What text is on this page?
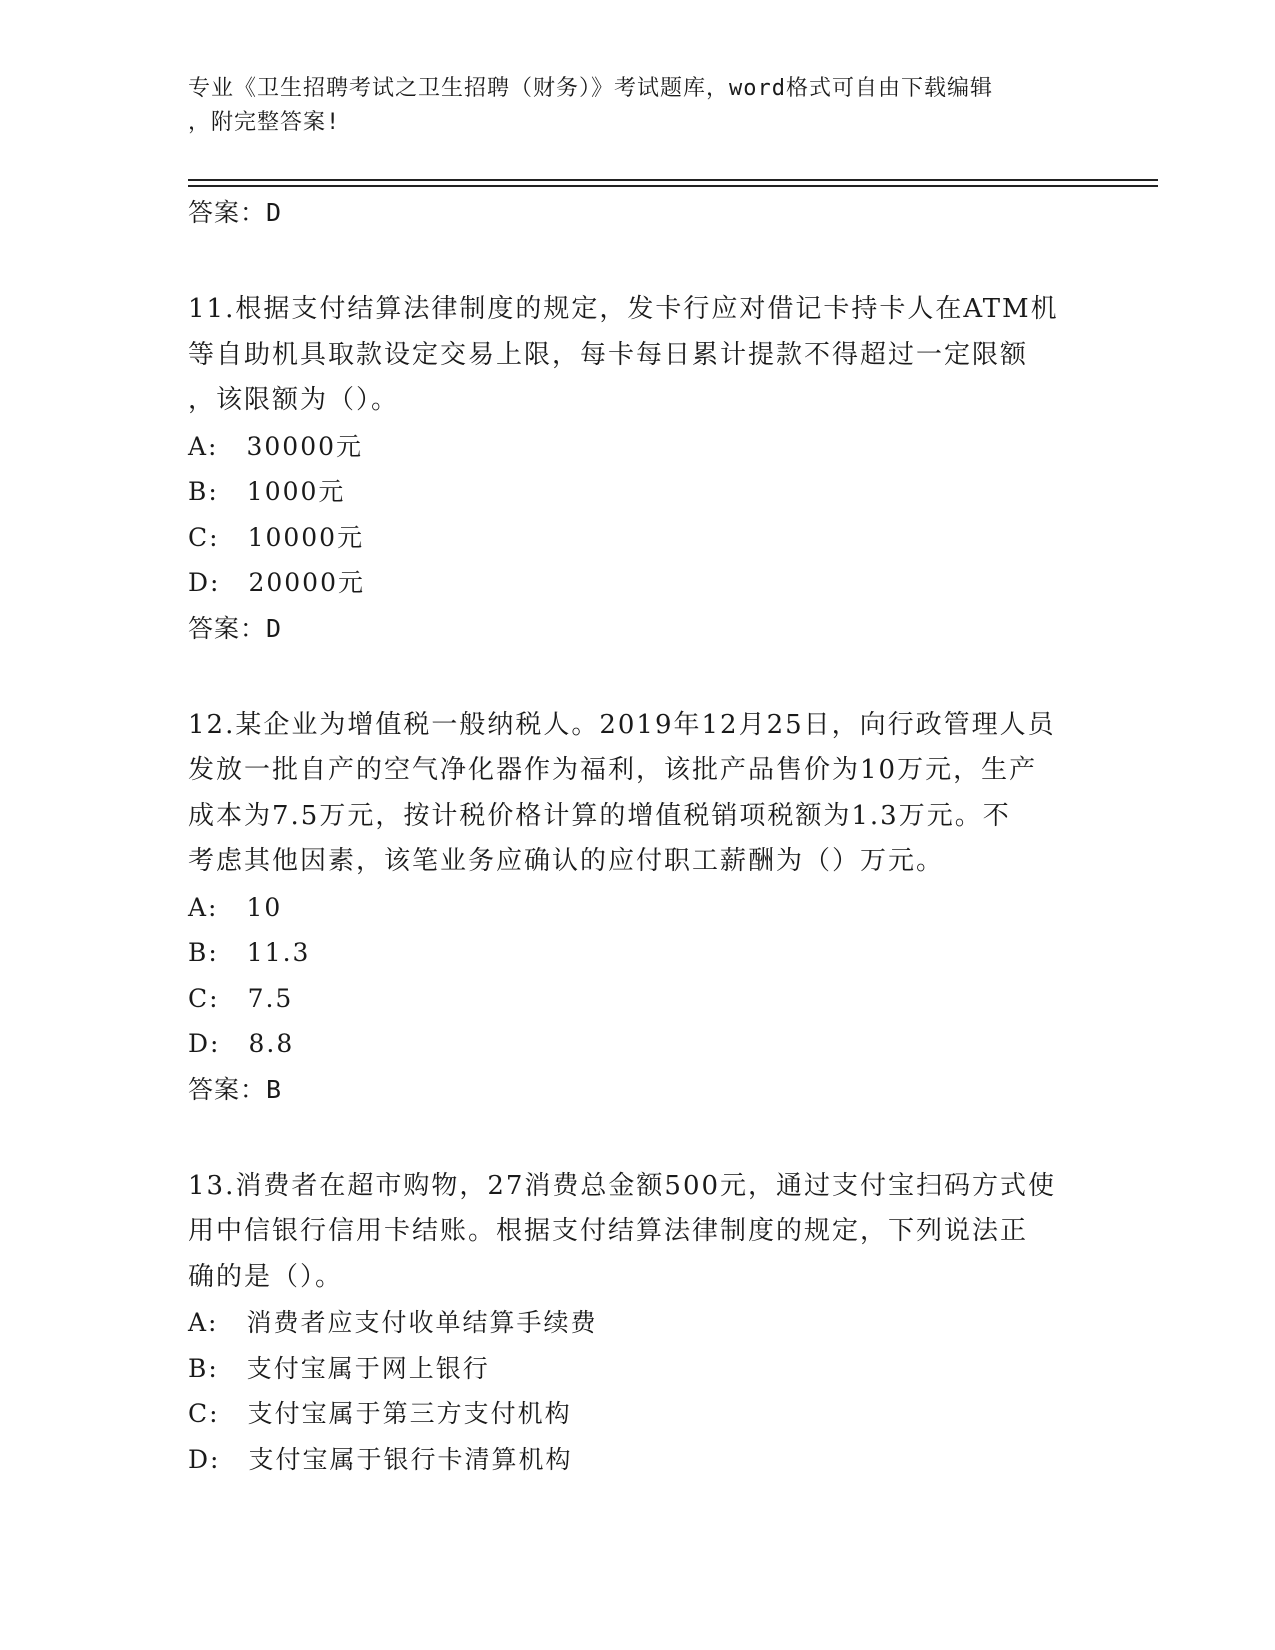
专业《卫生招聘考试之卫生招聘（财务）》考试题库，word格式可自由下载编辑
，附完整答案!
答案：D
11.根据支付结算法律制度的规定，发卡行应对借记卡持卡人在ATM机
等自助机具取款设定交易上限，每卡每日累计提款不得超过一定限额
，该限额为（）。
A: 30000元
B: 1000元
C: 10000元
D: 20000元
答案：D
12.某企业为增值税一般纳税人。2019年12月25日，向行政管理人员
发放一批自产的空气净化器作为福利，该批产品售价为10万元，生产
成本为7.5万元，按计税价格计算的增值税销项税额为1.3万元。不
考虑其他因素，该笔业务应确认的应付职工薪酬为（）万元。
A: 10
B: 11.3
C: 7.5
D: 8.8
答案：B
13.消费者在超市购物，27消费总金额500元，通过支付宝扫码方式使
用中信银行信用卡结账。根据支付结算法律制度的规定，下列说法正
确的是（）。
A: 消费者应支付收单结算手续费
B: 支付宝属于网上银行
C: 支付宝属于第三方支付机构
D: 支付宝属于银行卡清算机构
